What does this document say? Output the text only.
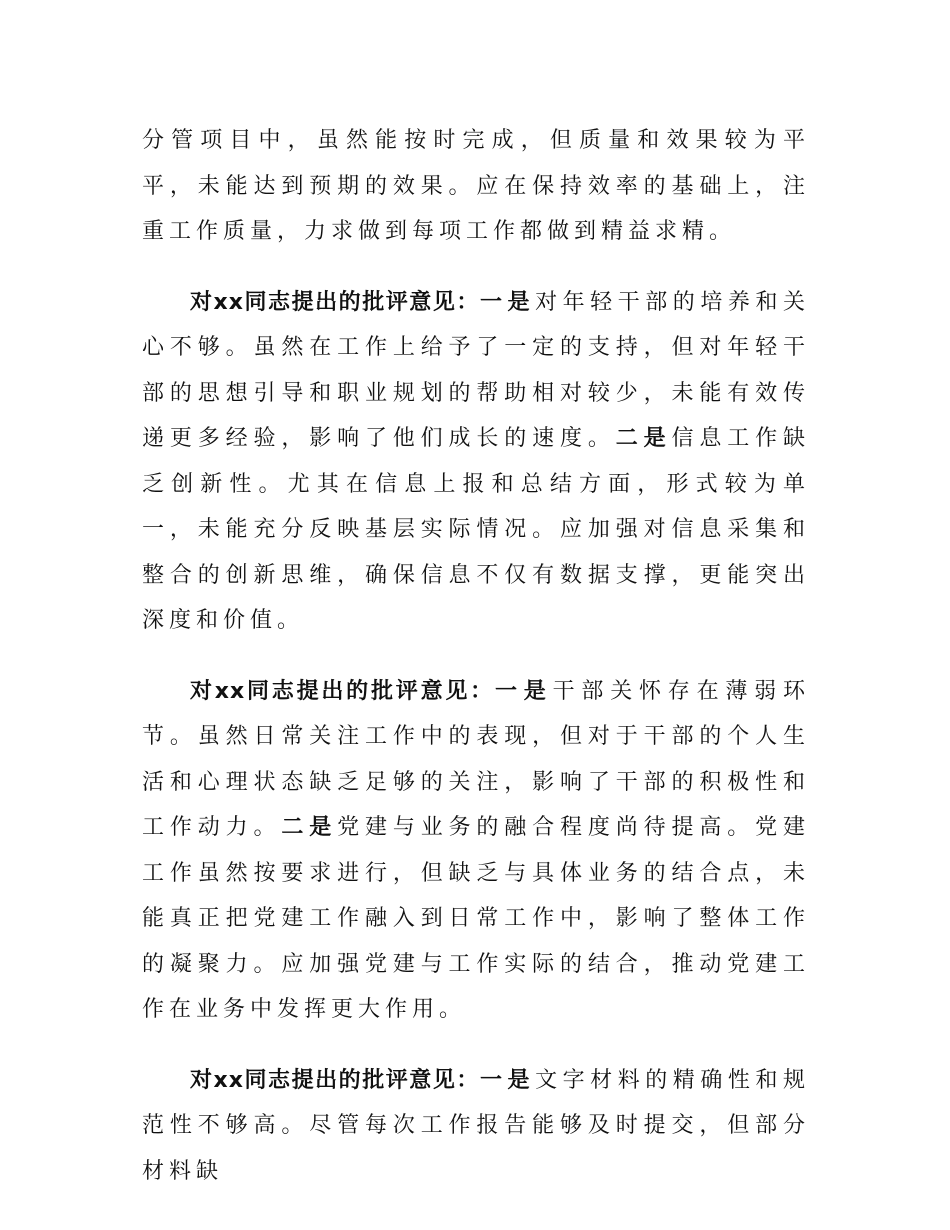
分管项目中，虽然能按时完成，但质量和效果较为平平，未能达到预期的效果。应在保持效率的基础上，注重工作质量，力求做到每项工作都做到精益求精。

对xx同志提出的批评意见：一是对年轻干部的培养和关心不够。虽然在工作上给予了一定的支持，但对年轻干部的思想引导和职业规划的帮助相对较少，未能有效传递更多经验，影响了他们成长的速度。二是信息工作缺乏创新性。尤其在信息上报和总结方面，形式较为单一，未能充分反映基层实际情况。应加强对信息采集和整合的创新思维，确保信息不仅有数据支撑，更能突出深度和价值。

对xx同志提出的批评意见：一是干部关怀存在薄弱环节。虽然日常关注工作中的表现，但对于干部的个人生活和心理状态缺乏足够的关注，影响了干部的积极性和工作动力。二是党建与业务的融合程度尚待提高。党建工作虽然按要求进行，但缺乏与具体业务的结合点，未能真正把党建工作融入到日常工作中，影响了整体工作的凝聚力。应加强党建与工作实际的结合，推动党建工作在业务中发挥更大作用。

对xx同志提出的批评意见：一是文字材料的精确性和规范性不够高。尽管每次工作报告能够及时提交，但部分材料缺
